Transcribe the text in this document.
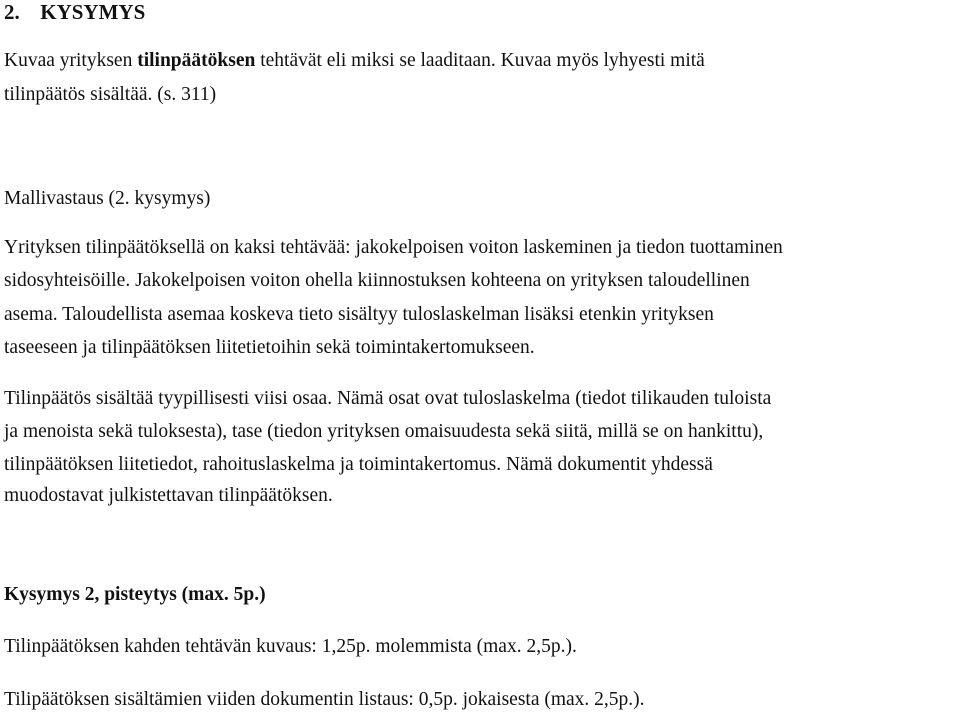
2. KYSYMYS
Kuvaa yrityksen tilinpäätöksen tehtävät eli miksi se laaditaan. Kuvaa myös lyhyesti mitä
tilinpäätös sisältää. (s. 311)
Mallivastaus (2. kysymys)
Yrityksen tilinpäätöksellä on kaksi tehtävää: jakokelpoisen voiton laskeminen ja tiedon tuottaminen
sidosyhteisöille. Jakokelpoisen voiton ohella kiinnostuksen kohteena on yrityksen taloudellinen
asema. Taloudellista asemaa koskeva tieto sisältyy tuloslaskelman lisäksi etenkin yrityksen
taseeseen ja tilinpäätöksen liitetietoihin sekä toimintakertomukseen.
Tilinpäätös sisältää tyypillisesti viisi osaa. Nämä osat ovat tuloslaskelma (tiedot tilikauden tuloista
ja menoista sekä tuloksesta), tase (tiedon yrityksen omaisuudesta sekä siitä, millä se on hankittu),
tilinpäätöksen liitetiedot, rahoituslaskelma ja toimintakertomus. Nämä dokumentit yhdessä
muodostavat julkistettavan tilinpäätöksen.
Kysymys 2, pisteytys (max. 5p.)
Tilinpäätöksen kahden tehtävän kuvaus: 1,25p. molemmista (max. 2,5p.).
Tilipäätöksen sisältämien viiden dokumentin listaus: 0,5p. jokaisesta (max. 2,5p.).
